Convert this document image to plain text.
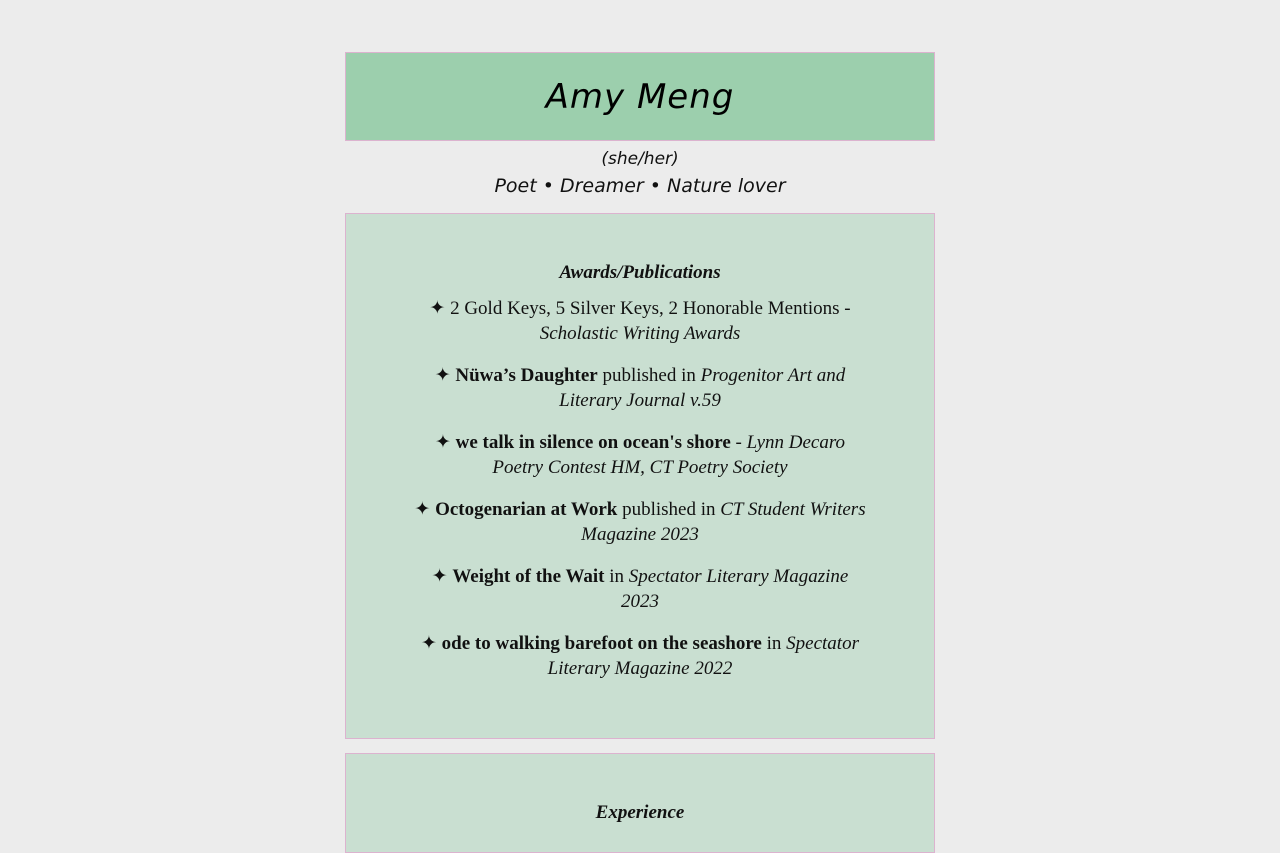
Amy Meng
(she/her)
Poet • Dreamer • Nature lover
Awards/Publications

✦ 2 Gold Keys, 5 Silver Keys, 2 Honorable Mentions - Scholastic Writing Awards

✦ Nüwa’s Daughter published in Progenitor Art and Literary Journal v.59

✦ we talk in silence on ocean's shore - Lynn Decaro Poetry Contest HM, CT Poetry Society

✦ Octogenarian at Work published in CT Student Writers Magazine 2023

✦ Weight of the Wait in Spectator Literary Magazine 2023

✦ ode to walking barefoot on the seashore in Spectator Literary Magazine 2022

Experience
